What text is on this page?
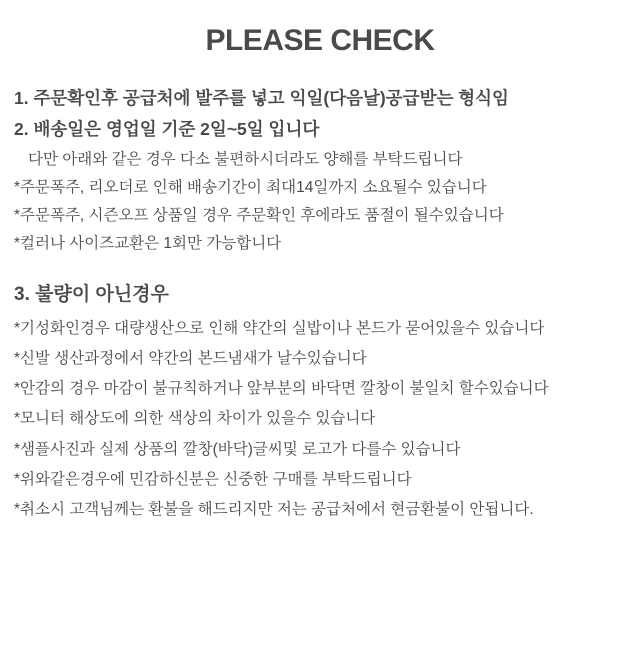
PLEASE CHECK
1. 주문확인후 공급처에 발주를 넣고 익일(다음날)공급받는 형식임
2. 배송일은 영업일 기준 2일~5일 입니다
다만 아래와 같은 경우 다소 불편하시더라도 양해를 부탁드립니다
*주문폭주, 리오더로 인해 배송기간이 최대14일까지 소요될수 있습니다
*주문폭주, 시즌오프 상품일 경우 주문확인 후에라도 품절이 될수있습니다
*컬러나 사이즈교환은 1회만 가능합니다
3. 불량이 아닌경우
*기성화인경우 대량생산으로 인해 약간의 실밥이나 본드가 묻어있을수 있습니다
*신발 생산과정에서 약간의 본드냄새가 날수있습니다
*안감의 경우 마감이 불규칙하거나 앞부분의 바닥면 깔창이 불일치 할수있습니다
*모니터 해상도에 의한 색상의 차이가 있을수 있습니다
*샘플사진과 실제 상품의 깔창(바닥)글씨및 로고가 다를수 있습니다
*위와같은경우에 민감하신분은 신중한 구매를 부탁드립니다
*취소시 고객님께는 환불을 해드리지만 저는 공급처에서 현금환불이 안됩니다.
